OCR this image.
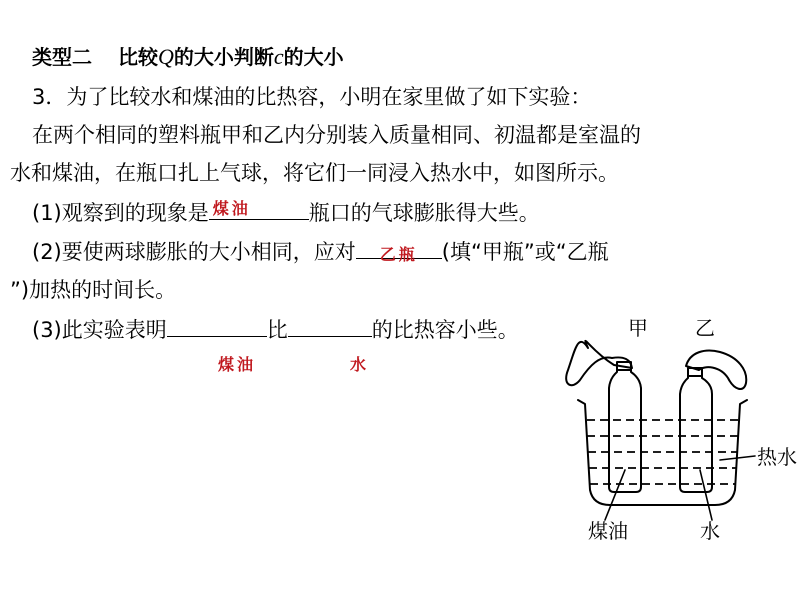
类型二 比较Q的大小判断c的大小
3．为了比较水和煤油的比热容，小明在家里做了如下实验：
在两个相同的塑料瓶甲和乙内分别装入质量相同、初温都是室温的
水和煤油，在瓶口扎上气球，将它们一同浸入热水中，如图所示。
(1)观察到的现象是 煤油	瓶口的气球膨胀得大些。
(2)要使两球膨胀的大小相同，应对 乙瓶 (填“甲瓶”或“乙瓶
”)加热的时间长。
(3)此实验表明	比	的比热容小些。
煤油	水
甲 乙
热水
煤油	水
